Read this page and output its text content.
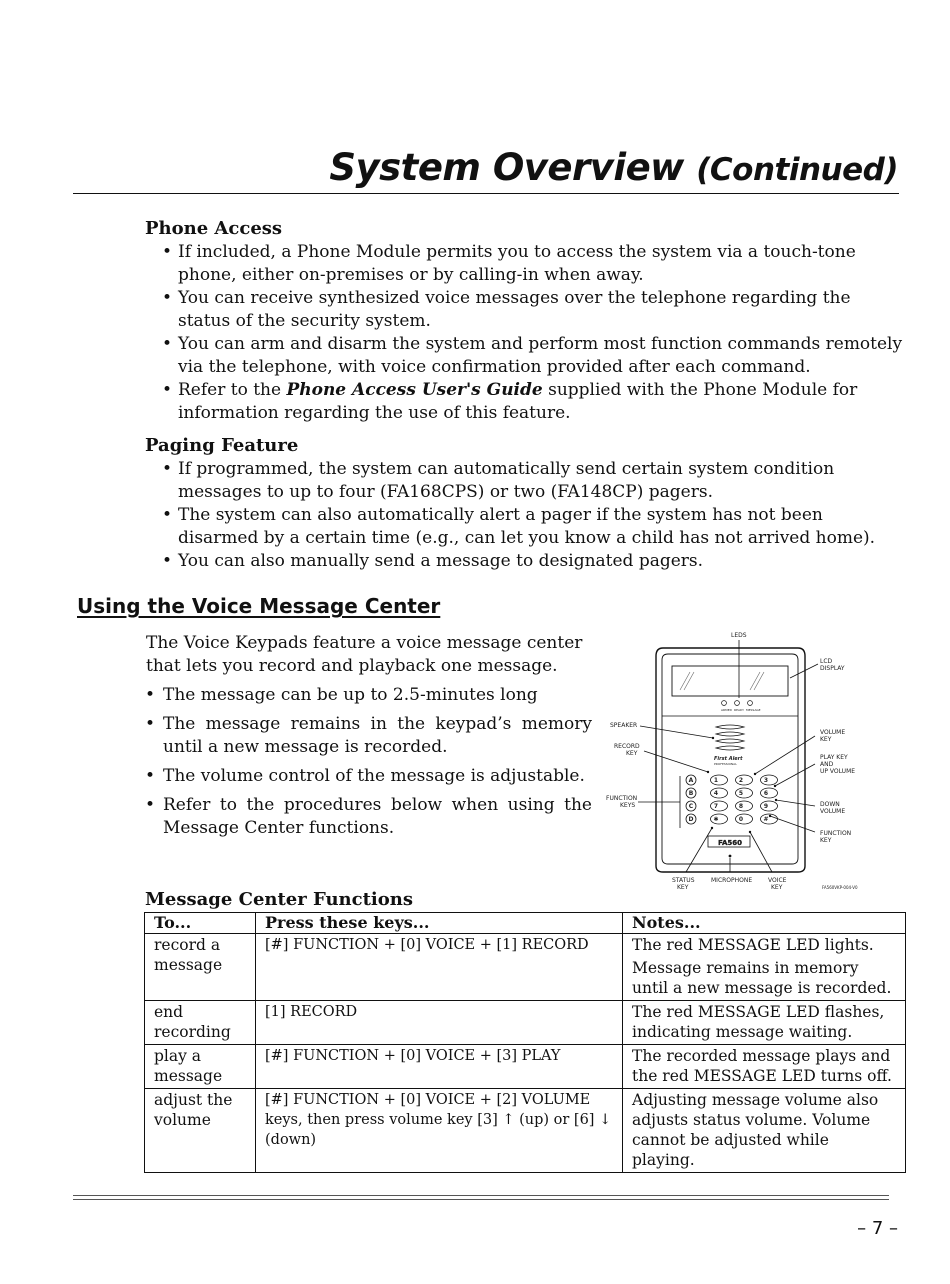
System Overview (Continued)
Phone Access
• If included, a Phone Module permits you to access the system via a touch-tone phone, either on-premises or by calling-in when away.
• You can receive synthesized voice messages over the telephone regarding the status of the security system.
• You can arm and disarm the system and perform most function commands remotely via the telephone, with voice confirmation provided after each command.
• Refer to the Phone Access User's Guide supplied with the Phone Module for information regarding the use of this feature.
Paging Feature
• If programmed, the system can automatically send certain system condition messages to up to four (FA168CPS) or two (FA148CP) pagers.
• The system can also automatically alert a pager if the system has not been disarmed by a certain time (e.g., can let you know a child has not arrived home).
• You can also manually send a message to designated pagers.
Using the Voice Message Center

The Voice Keypads feature a voice message center that lets you record and playback one message.

• The message can be up to 2.5-minutes long
• The message remains in the keypad’s memory until a new message is recorded.
• The volume control of the message is adjustable.
• Refer to the procedures below when using the Message Center functions.
ARMED READY MESSAGE
First Alert
PROFESSIONAL
A
B
C
D
1	2	3
4	5	6
7	8	9
✱	0	#
FA560
LEDS
LCD
DISPLAY
SPEAKER
RECORD
KEY
VOLUME
KEY
PLAY KEY
AND
UP VOLUME
FUNCTION
KEYS	DOWN
VOLUME
FUNCTION
KEY
STATUS
KEY
MICROPHONE	VOICE
KEY	FA560VKP-004-V0
Message Center Functions
To...	Press these keys...	Notes...
record a message	[#] FUNCTION + [0] VOICE + [1] RECORD	The red MESSAGE LED lights.
Message remains in memory until a new message is recorded.

end recording	[1] RECORD	The red MESSAGE LED flashes, indicating message waiting.
play a message	[#] FUNCTION + [0] VOICE + [3] PLAY	The recorded message plays and the red MESSAGE LED turns off.
adjust the volume	[#] FUNCTION + [0] VOICE + [2] VOLUME keys, then press volume key [3] ↑ (up) or [6] ↓ (down)	Adjusting message volume also adjusts status volume. Volume cannot be adjusted while playing.

– 7 –
